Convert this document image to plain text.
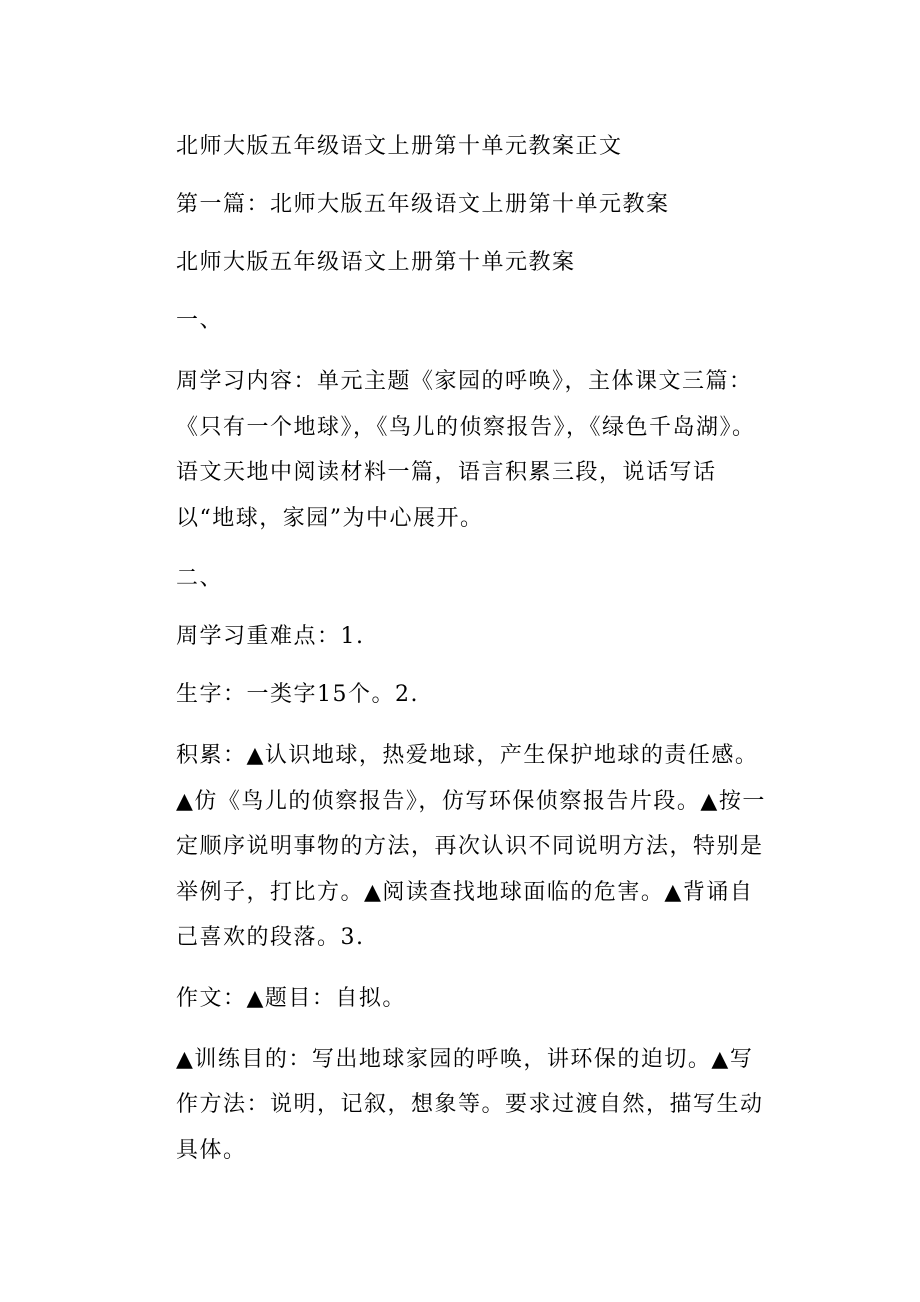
北师大版五年级语文上册第十单元教案正文

第一篇：北师大版五年级语文上册第十单元教案

北师大版五年级语文上册第十单元教案

一、

周学习内容：单元主题《家园的呼唤》，主体课文三篇：《只有一个地球》，《鸟儿的侦察报告》，《绿色千岛湖》。语文天地中阅读材料一篇，语言积累三段，说话写话以“地球，家园”为中心展开。

二、

周学习重难点：1.

生字：一类字15个。2.

积累：▲认识地球，热爱地球，产生保护地球的责任感。▲仿《鸟儿的侦察报告》，仿写环保侦察报告片段。▲按一定顺序说明事物的方法，再次认识不同说明方法，特别是举例子，打比方。▲阅读查找地球面临的危害。▲背诵自己喜欢的段落。3.

作文：▲题目：自拟。

▲训练目的：写出地球家园的呼唤，讲环保的迫切。▲写作方法：说明，记叙，想象等。要求过渡自然，描写生动具体。
